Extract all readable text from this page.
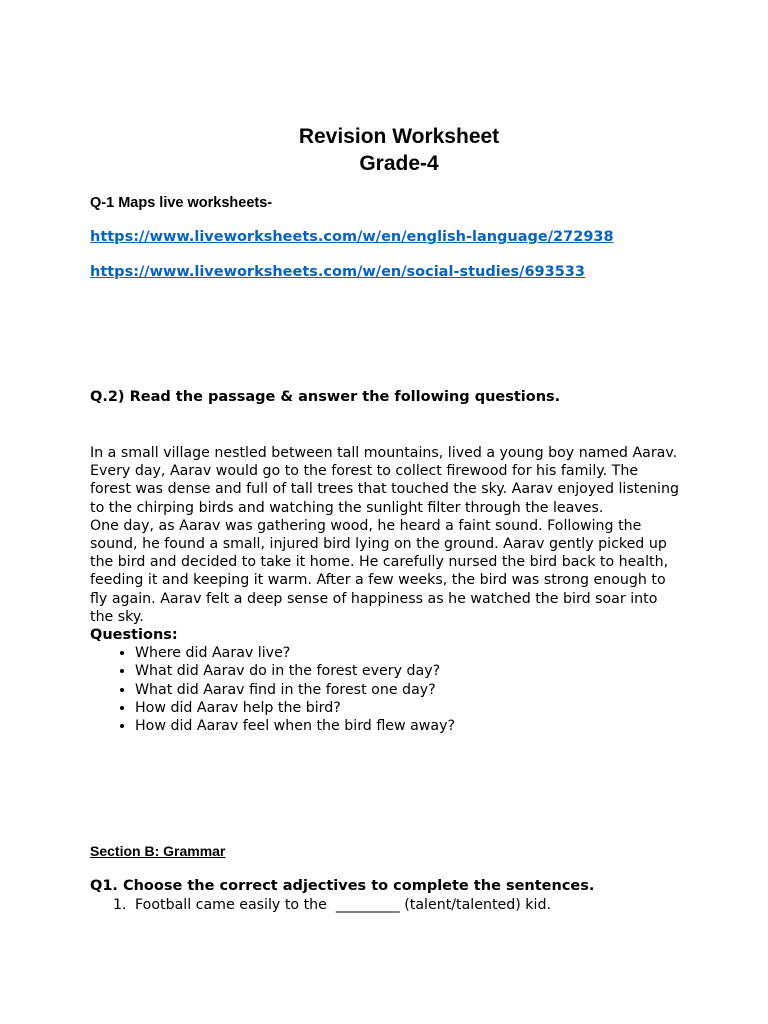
Revision Worksheet
Grade-4
Q-1 Maps live worksheets-
https://www.liveworksheets.com/w/en/english-language/272938
https://www.liveworksheets.com/w/en/social-studies/693533
Q.2) Read the passage & answer the following questions.

In a small village nestled between tall mountains, lived a young boy named Aarav. Every day, Aarav would go to the forest to collect firewood for his family. The forest was dense and full of tall trees that touched the sky. Aarav enjoyed listening to the chirping birds and watching the sunlight filter through the leaves.

One day, as Aarav was gathering wood, he heard a faint sound. Following the sound, he found a small, injured bird lying on the ground. Aarav gently picked up the bird and decided to take it home. He carefully nursed the bird back to health, feeding it and keeping it warm. After a few weeks, the bird was strong enough to fly again. Aarav felt a deep sense of happiness as he watched the bird soar into the sky.

Questions:
• Where did Aarav live?
• What did Aarav do in the forest every day?
• What did Aarav find in the forest one day?
• How did Aarav help the bird?
• How did Aarav feel when the bird flew away?
Section B: Grammar
Q1. Choose the correct adjectives to complete the sentences.
1. Football came easily to the  _________ (talent/talented) kid.
